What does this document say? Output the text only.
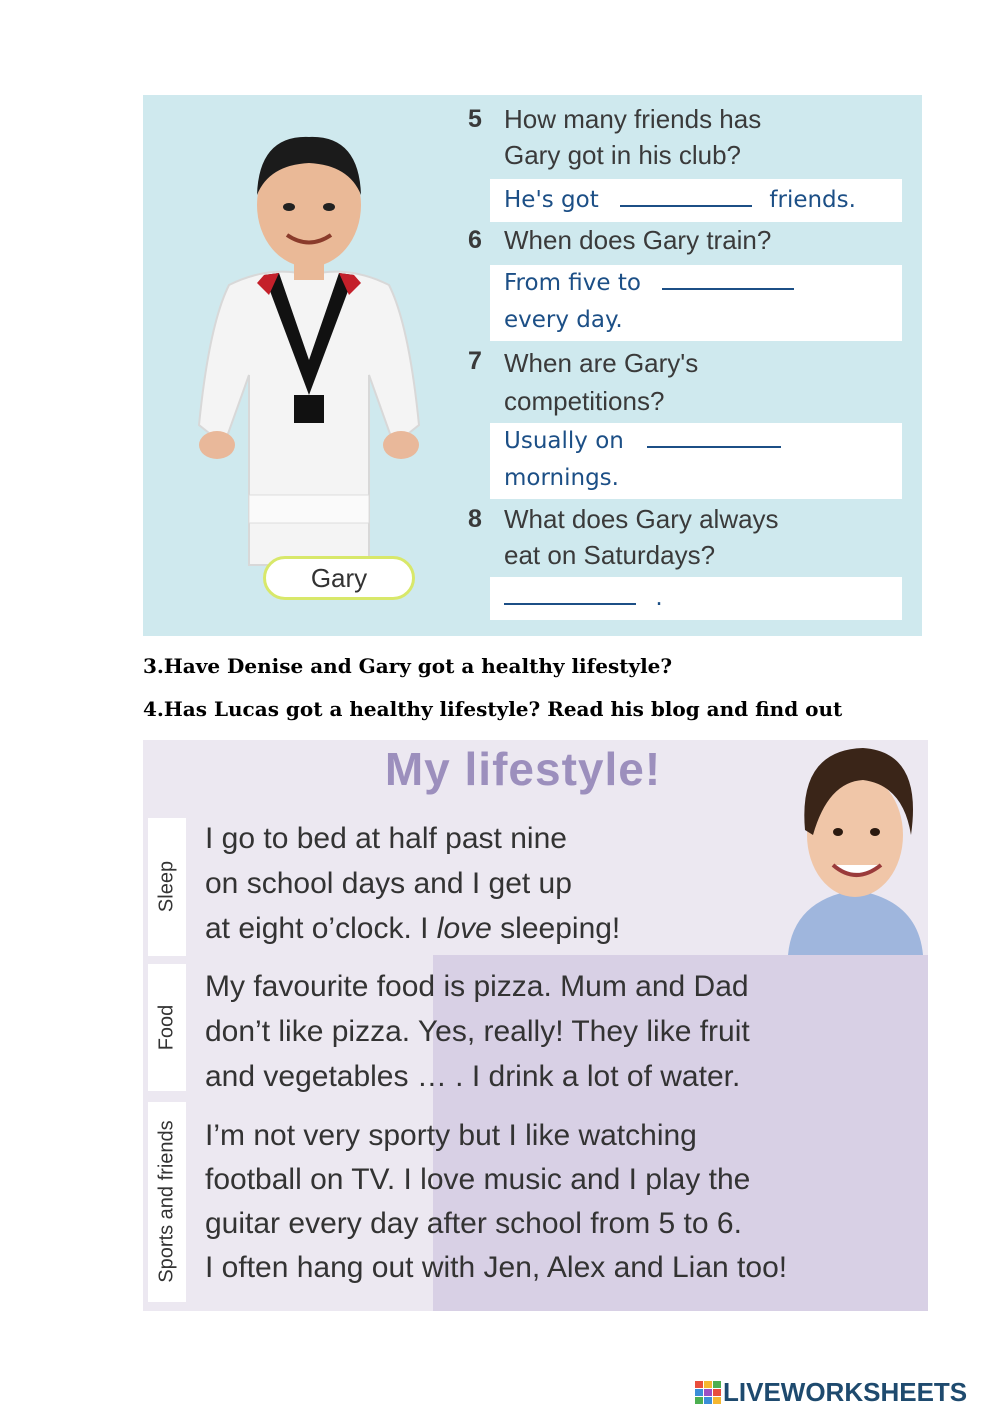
Gary
5 How many friends has
Gary got in his club?
He's got	friends.
6 When does Gary train?
From five to
every day.
7 When are Gary's
competitions?
Usually on
mornings.
8 What does Gary always
eat on Saturdays?
.
3.Have Denise and Gary got a healthy lifestyle?
4.Has Lucas got a healthy lifestyle? Read his blog and find out
My lifestyle!
Sleep
I go to bed at half past nine
on school days and I get up
at eight o’clock. I love sleeping!
Food
My favourite food is pizza. Mum and Dad
don’t like pizza. Yes, really! They like fruit
and vegetables … . I drink a lot of water.
Sports and friends I’m not very sporty but I like watching
football on TV. I love music and I play the
guitar every day after school from 5 to 6.
I often hang out with Jen, Alex and Lian too!
LIVEWORKSHEETS
